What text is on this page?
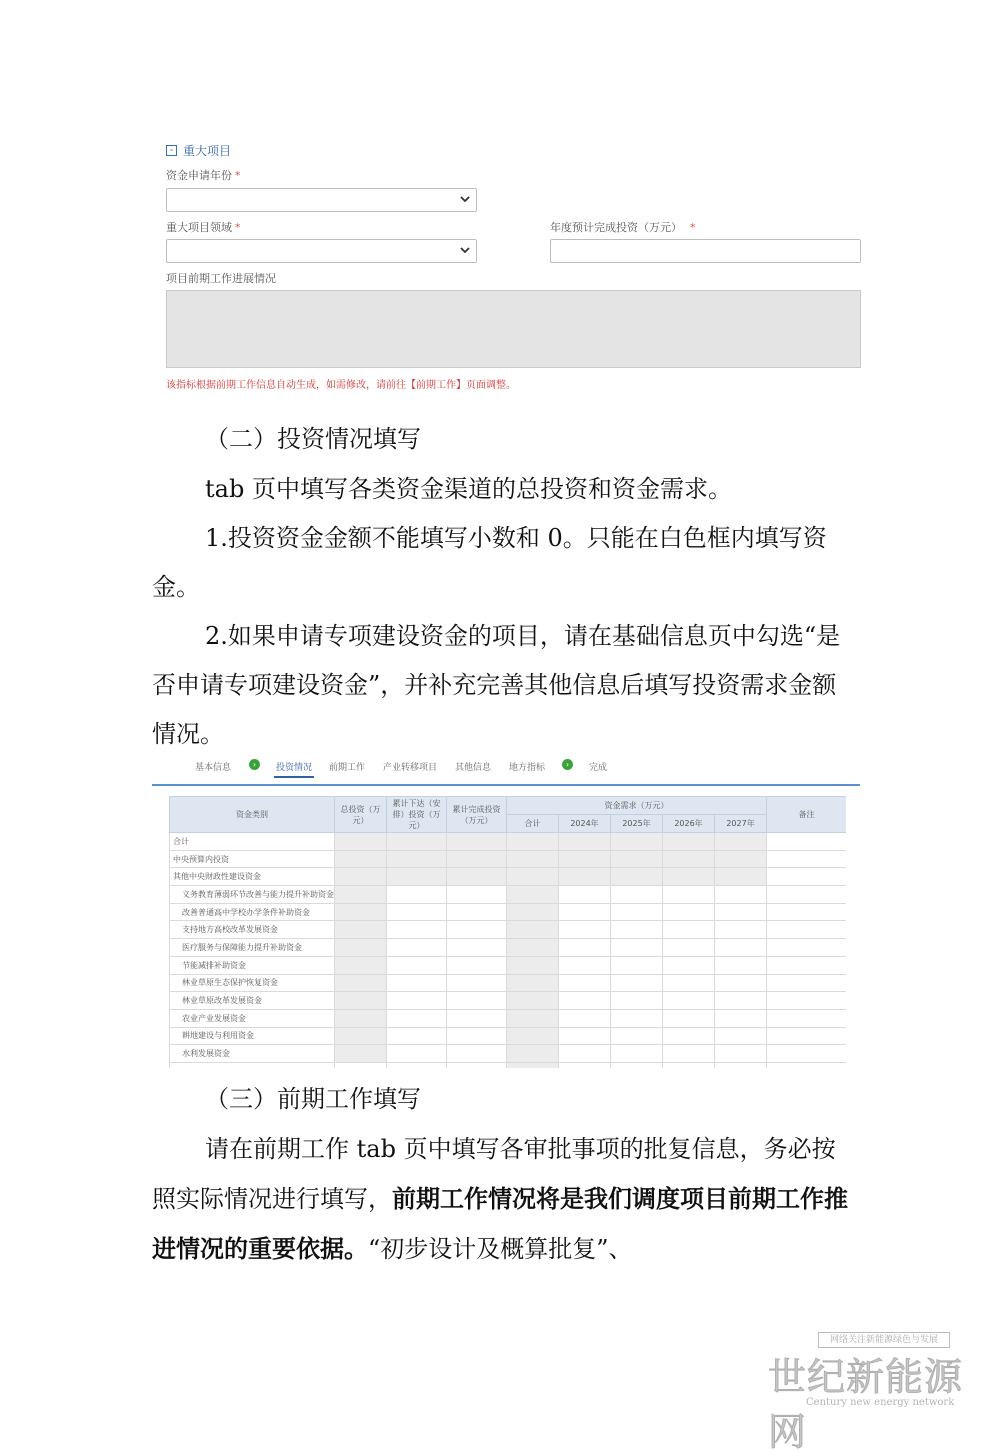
- 重大项目
资金申请年份 *
重大项目领域 *	年度预计完成投资（万元） *
项目前期工作进展情况
该指标根据前期工作信息自动生成，如需修改，请前往【前期工作】页面调整。

（二）投资情况填写

tab 页中填写各类资金渠道的总投资和资金需求。

1.投资资金金额不能填写小数和 0。只能在白色框内填写资金。

2.如果申请专项建设资金的项目，请在基础信息页中勾选“是否申请专项建设资金”，并补充完善其他信息后填写投资需求金额情况。

基本信息	›	投资情况 前期工作 产业转移项目 其他信息 地方指标	›	完成
资金类别	总投资（万元）	累计下达（安排）投资（万元）	累计完成投资（万元）	资金需求（万元）					备注
				合计	2024年	2025年	2026年	2027年	
合计									
中央预算内投资									
其他中央财政性建设资金									
义务教育薄弱环节改善与能力提升补助资金									
改善普通高中学校办学条件补助资金									
支持地方高校改革发展资金									
医疗服务与保障能力提升补助资金									
节能减排补助资金									
林业草原生态保护恢复资金									
林业草原改革发展资金									
农业产业发展资金									
耕地建设与利用资金									
水利发展资金									

（三）前期工作填写

请在前期工作 tab 页中填写各审批事项的批复信息，务必按照实际情况进行填写，前期工作情况将是我们调度项目前期工作推进情况的重要依据。“初步设计及概算批复”、

网络关注新能源绿色与发展
世纪新能源网
Century new energy network
